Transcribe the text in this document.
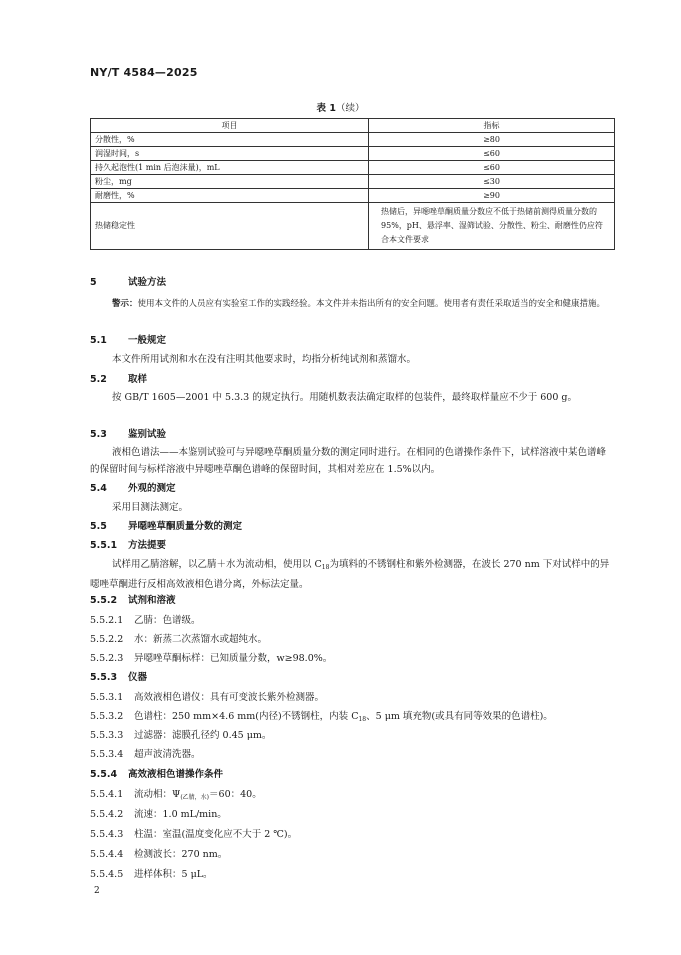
NY/T 4584—2025
表 1（续）
项目	指标
分散性，%	≥80
润湿时间，s	≤60
持久起泡性(1 min 后泡沫量)，mL	≤60
粉尘，mg	≤30
耐磨性，%	≥90
热储稳定性	热储后，异噁唑草酮质量分数应不低于热储前测得质量分数的 95%，pH、悬浮率、湿筛试验、分散性、粉尘、耐磨性仍应符合本文件要求
5	试验方法
警示：使用本文件的人员应有实验室工作的实践经验。本文件并未指出所有的安全问题。使用者有责任采取适当的安全和健康措施。
5.1 一般规定
本文件所用试剂和水在没有注明其他要求时，均指分析纯试剂和蒸馏水。
5.2 取样
按 GB/T 1605—2001 中 5.3.3 的规定执行。用随机数表法确定取样的包装件，最终取样量应不少于 600 g。
5.3 鉴别试验
液相色谱法——本鉴别试验可与异噁唑草酮质量分数的测定同时进行。在相同的色谱操作条件下，试样溶液中某色谱峰的保留时间与标样溶液中异噁唑草酮色谱峰的保留时间，其相对差应在 1.5%以内。
5.4 外观的测定
采用目测法测定。
5.5 异噁唑草酮质量分数的测定
5.5.1 方法提要
试样用乙腈溶解，以乙腈＋水为流动相，使用以 $C_{18}$为填料的不锈钢柱和紫外检测器，在波长 270 nm 下对试样中的异噁唑草酮进行反相高效液相色谱分离，外标法定量。
5.5.2 试剂和溶液
5.5.2.1 乙腈：色谱级。
5.5.2.2 水：新蒸二次蒸馏水或超纯水。
5.5.2.3 异噁唑草酮标样：已知质量分数，w≥98.0%。
5.5.3 仪器
5.5.3.1 高效液相色谱仪：具有可变波长紫外检测器。
5.5.3.2 色谱柱：250 mm×4.6 mm(内径)不锈钢柱，内装 $C_{18}$、5 μm 填充物(或具有同等效果的色谱柱)。
5.5.3.3 过滤器：滤膜孔径约 0.45 μm。
5.5.3.4 超声波清洗器。
5.5.4 高效液相色谱操作条件
5.5.4.1 流动相：$\Psi_{(乙腈,水)}=60$：40。
5.5.4.2 流速：1.0 mL/min。
5.5.4.3 柱温：室温(温度变化应不大于 2 ℃)。
5.5.4.4 检测波长：270 nm。
5.5.4.5 进样体积：5 μL。
2
